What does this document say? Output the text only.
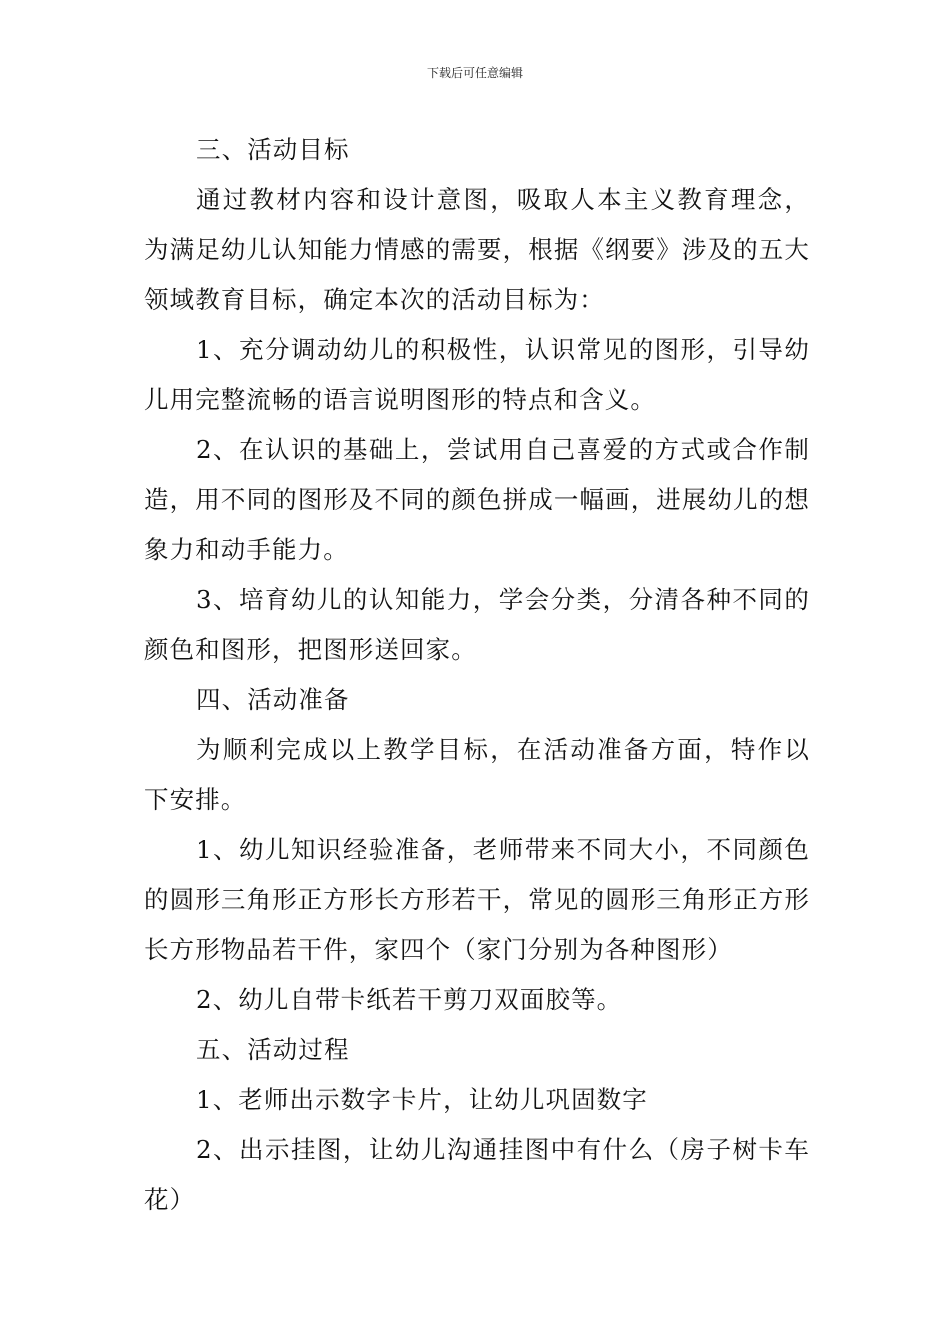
下载后可任意编辑

三、活动目标

通过教材内容和设计意图，吸取人本主义教育理念，为满足幼儿认知能力情感的需要，根据《纲要》涉及的五大领域教育目标，确定本次的活动目标为：

1、充分调动幼儿的积极性，认识常见的图形，引导幼儿用完整流畅的语言说明图形的特点和含义。

2、在认识的基础上，尝试用自己喜爱的方式或合作制造，用不同的图形及不同的颜色拼成一幅画，进展幼儿的想象力和动手能力。

3、培育幼儿的认知能力，学会分类，分清各种不同的颜色和图形，把图形送回家。

四、活动准备

为顺利完成以上教学目标，在活动准备方面，特作以下安排。

1、幼儿知识经验准备，老师带来不同大小，不同颜色的圆形三角形正方形长方形若干，常见的圆形三角形正方形长方形物品若干件，家四个（家门分别为各种图形）

2、幼儿自带卡纸若干剪刀双面胶等。

五、活动过程

1、老师出示数字卡片，让幼儿巩固数字

2、出示挂图，让幼儿沟通挂图中有什么（房子树卡车花）
